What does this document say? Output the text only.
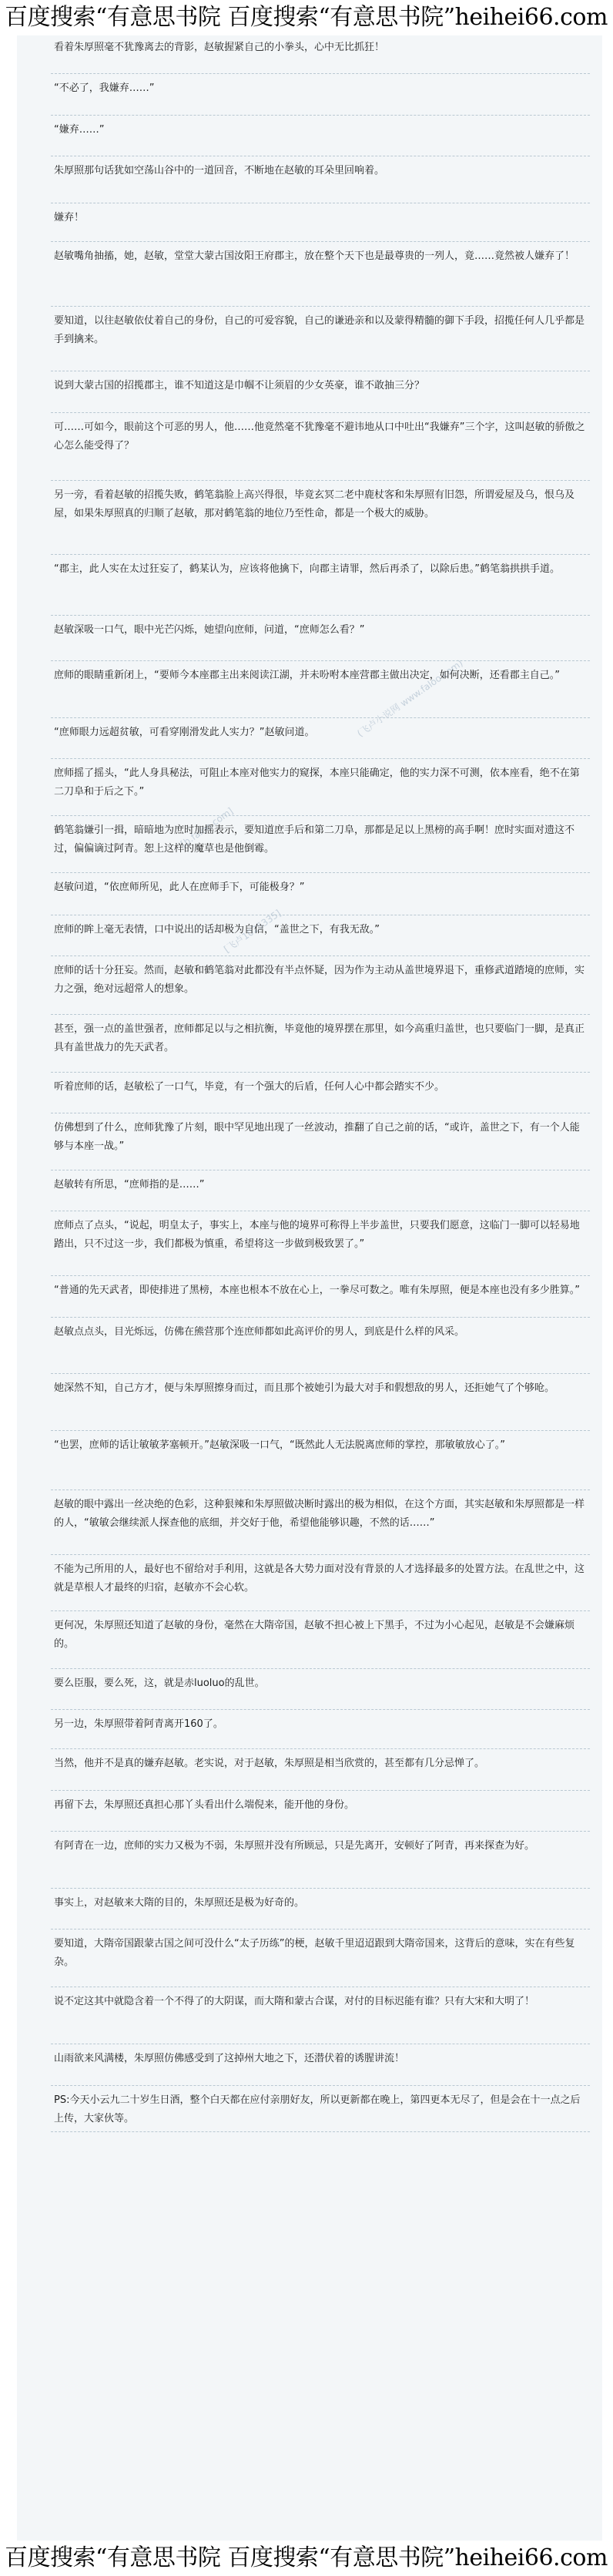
百度搜索“有意思书院 百度搜索“有意思书院”heihei66.com
(飞卢小说网 www.faloo.com)
[b.faloo.com]
[飞卢1025335]
看着朱厚照毫不犹豫离去的背影，赵敏握紧自己的小拳头，心中无比抓狂！
“不必了，我嫌弃……”
“嫌弃……”
朱厚照那句话犹如空荡山谷中的一道回音，不断地在赵敏的耳朵里回响着。
嫌弃！
赵敏嘴角抽搐，她，赵敏，堂堂大蒙古国汝阳王府郡主，放在整个天下也是最尊贵的一列人，竟……竟然被人嫌弃了！
要知道，以往赵敏依仗着自己的身份，自己的可爱容貌，自己的谦逊亲和以及蒙得精髓的御下手段，招揽任何人几乎都是手到擒来。
说到大蒙古国的招揽郡主，谁不知道这是巾帼不让须眉的少女英豪，谁不敢抽三分？
可……可如今，眼前这个可恶的男人，他……他竟然毫不犹豫毫不避讳地从口中吐出“我嫌弃”三个字，这叫赵敏的骄傲之心怎么能受得了？
另一旁，看着赵敏的招揽失败，鹤笔翁脸上高兴得很，毕竟玄冥二老中鹿杖客和朱厚照有旧怨，所谓爱屋及乌，恨乌及屋，如果朱厚照真的归顺了赵敏，那对鹤笔翁的地位乃至性命，都是一个极大的威胁。
“郡主，此人实在太过狂妄了，鹤某认为，应该将他擒下，向郡主请罪，然后再杀了，以除后患。”鹤笔翁拱拱手道。
赵敏深吸一口气，眼中光芒闪烁，她望向庶师，问道，“庶师怎么看？”
庶师的眼睛重新闭上，“要师今本座郡主出来阅读江湖，并未吩咐本座营郡主做出决定，如何决断，还看郡主自己。”
“庶师眼力远超贫敏，可看穿刚滑发此人实力？”赵敏问道。
庶师摇了摇头，“此人身具秘法，可阻止本座对他实力的窥探，本座只能确定，他的实力深不可测，依本座看，绝不在第二刀阜和于后之下。”
鹤笔翁嫌引一揖，暗暗地为庶时加摇表示，要知道庶手后和第二刀阜，那都是足以上黑榜的高手啊！庶时实面对遗这不过，偏偏谪过阿青。恕上这样的魔草也是他倒霉。
赵敏问道，“依庶师所见，此人在庶师手下，可能极身？”
庶师的眸上毫无表情，口中说出的话却极为自信，“盖世之下，有我无敌。”
庶师的话十分狂妄。然而，赵敏和鹤笔翁对此都没有半点怀疑，因为作为主动从盖世境界退下，重修武道踏境的庶师，实力之强，绝对远超常人的想象。
甚至，强一点的盖世强者，庶师都足以与之相抗衡，毕竟他的境界摆在那里，如今高重归盖世，也只要临门一脚，是真正具有盖世战力的先天武者。
听着庶师的话，赵敏松了一口气，毕竟，有一个强大的后盾，任何人心中都会踏实不少。
仿佛想到了什么，庶师犹豫了片刻，眼中罕见地出现了一丝波动，推翻了自己之前的话，“或许，盖世之下，有一个人能够与本座一战。”
赵敏转有所思，“庶师指的是……”
庶师点了点头，“说起，明皇太子，事实上，本座与他的境界可称得上半步盖世，只要我们愿意，这临门一脚可以轻易地踏出，只不过这一步，我们都极为慎重，希望将这一步做到极致罢了。”
“普通的先天武者，即使排进了黑榜，本座也根本不放在心上，一拳尽可数之。唯有朱厚照，便是本座也没有多少胜算。”
赵敏点点头，目光烁远，仿佛在熊营那个连庶师都如此高评价的男人，到底是什么样的风采。
她深然不知，自己方才，便与朱厚照擦身而过，而且那个被她引为最大对手和假想敌的男人，还拒她气了个够呛。
“也罢，庶师的话让敏敏茅塞顿开。”赵敏深吸一口气，“既然此人无法脱离庶师的掌控，那敏敏放心了。”
赵敏的眼中露出一丝决绝的色彩，这种狠辣和朱厚照做决断时露出的极为相似，在这个方面，其实赵敏和朱厚照都是一样的人，“敏敏会继续派人探查他的底细，并交好于他，希望他能够识趣，不然的话……”
不能为己所用的人，最好也不留给对手利用，这就是各大势力面对没有背景的人才选择最多的处置方法。在乱世之中，这就是草根人才最终的归宿，赵敏亦不会心软。
更何况，朱厚照还知道了赵敏的身份，毫然在大隋帝国，赵敏不担心被上下黑手，不过为小心起见，赵敏是不会嫌麻烦的。
要么臣服，要么死，这，就是赤luoluo的乱世。
另一边，朱厚照带着阿青离开160了。
当然，他并不是真的嫌弃赵敏。老实说，对于赵敏，朱厚照是相当欣赏的，甚至都有几分忌惮了。
再留下去，朱厚照还真担心那丫头看出什么端倪来，能开他的身份。
有阿青在一边，庶师的实力又极为不弱，朱厚照并没有所顾忌，只是先离开，安顿好了阿青，再来探查为好。
事实上，对赵敏来大隋的目的，朱厚照还是极为好奇的。
要知道，大隋帝国跟蒙古国之间可没什么“太子历练”的梗，赵敏千里迢迢跟到大隋帝国来，这背后的意味，实在有些复杂。
说不定这其中就隐含着一个不得了的大阴谋，而大隋和蒙古合谋，对付的目标迟能有谁？只有大宋和大明了！
山雨欲来风满楼，朱厚照仿佛感受到了这掉州大地之下，还潜伏着的诱腥讲流！
PS:今天小云九二十岁生日酒，整个白天都在应付亲朋好友，所以更新都在晚上，第四更本无尽了，但是会在十一点之后上传，大家伙等。
百度搜索“有意思书院 百度搜索“有意思书院”heihei66.com
